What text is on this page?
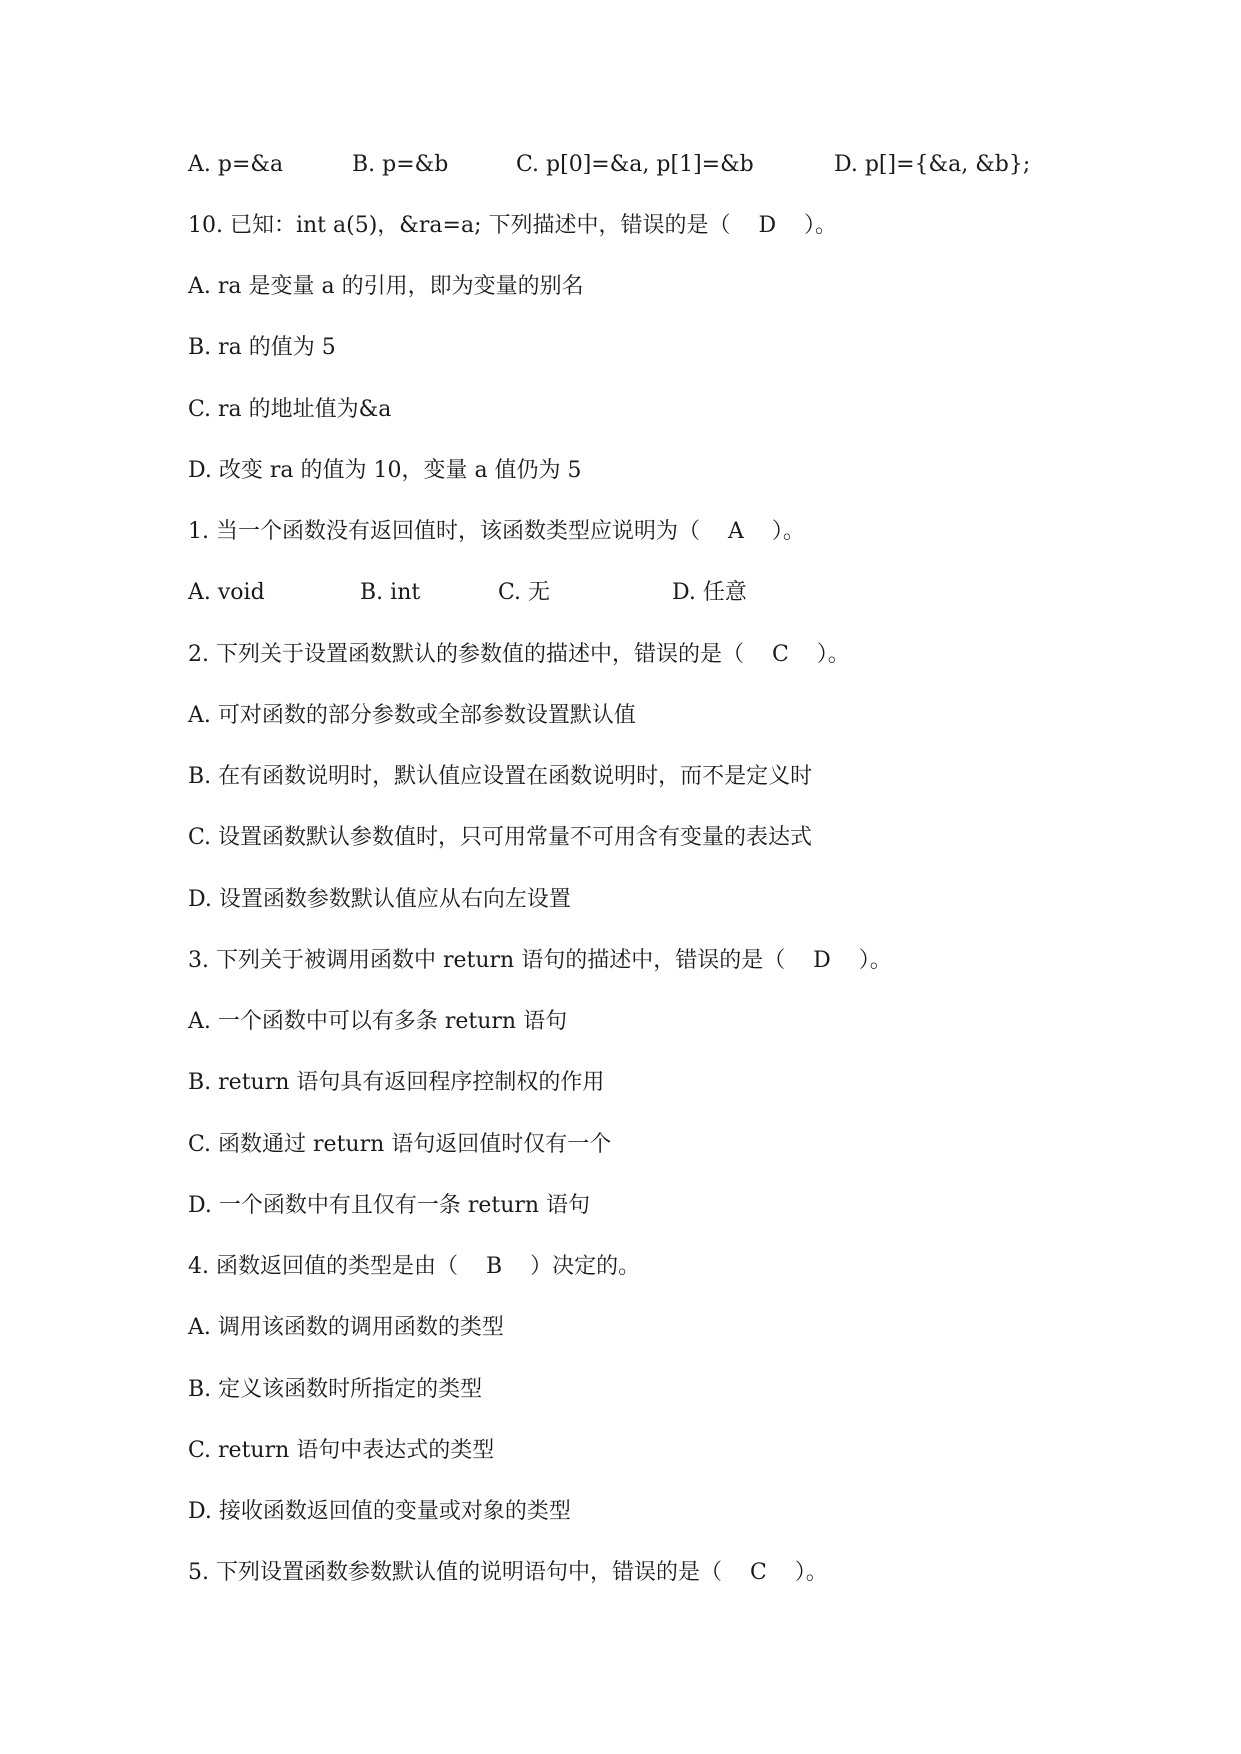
A. p=&a

	B. p=&b

	C. p[0]=&a, p[1]=&b

	D. p[]={&a, &b};

10. 已知：int a(5)，&ra=a; 下列描述中，错误的是（    D    ）。
A. ra 是变量 a 的引用，即为变量的别名
B. ra 的值为 5
C. ra 的地址值为&a
D. 改变 ra 的值为 10，变量 a 值仍为 5
1. 当一个函数没有返回值时，该函数类型应说明为（    A    ）。

A. void

	B. int

	C. 无

	D. 任意

2. 下列关于设置函数默认的参数值的描述中，错误的是（    C    ）。
A. 可对函数的部分参数或全部参数设置默认值
B. 在有函数说明时，默认值应设置在函数说明时，而不是定义时
C. 设置函数默认参数值时，只可用常量不可用含有变量的表达式
D. 设置函数参数默认值应从右向左设置
3. 下列关于被调用函数中 return 语句的描述中，错误的是（    D    ）。
A. 一个函数中可以有多条 return 语句
B. return 语句具有返回程序控制权的作用
C. 函数通过 return 语句返回值时仅有一个
D. 一个函数中有且仅有一条 return 语句
4. 函数返回值的类型是由（    B    ）决定的。
A. 调用该函数的调用函数的类型
B. 定义该函数时所指定的类型
C. return 语句中表达式的类型
D. 接收函数返回值的变量或对象的类型
5. 下列设置函数参数默认值的说明语句中，错误的是（    C    ）。
